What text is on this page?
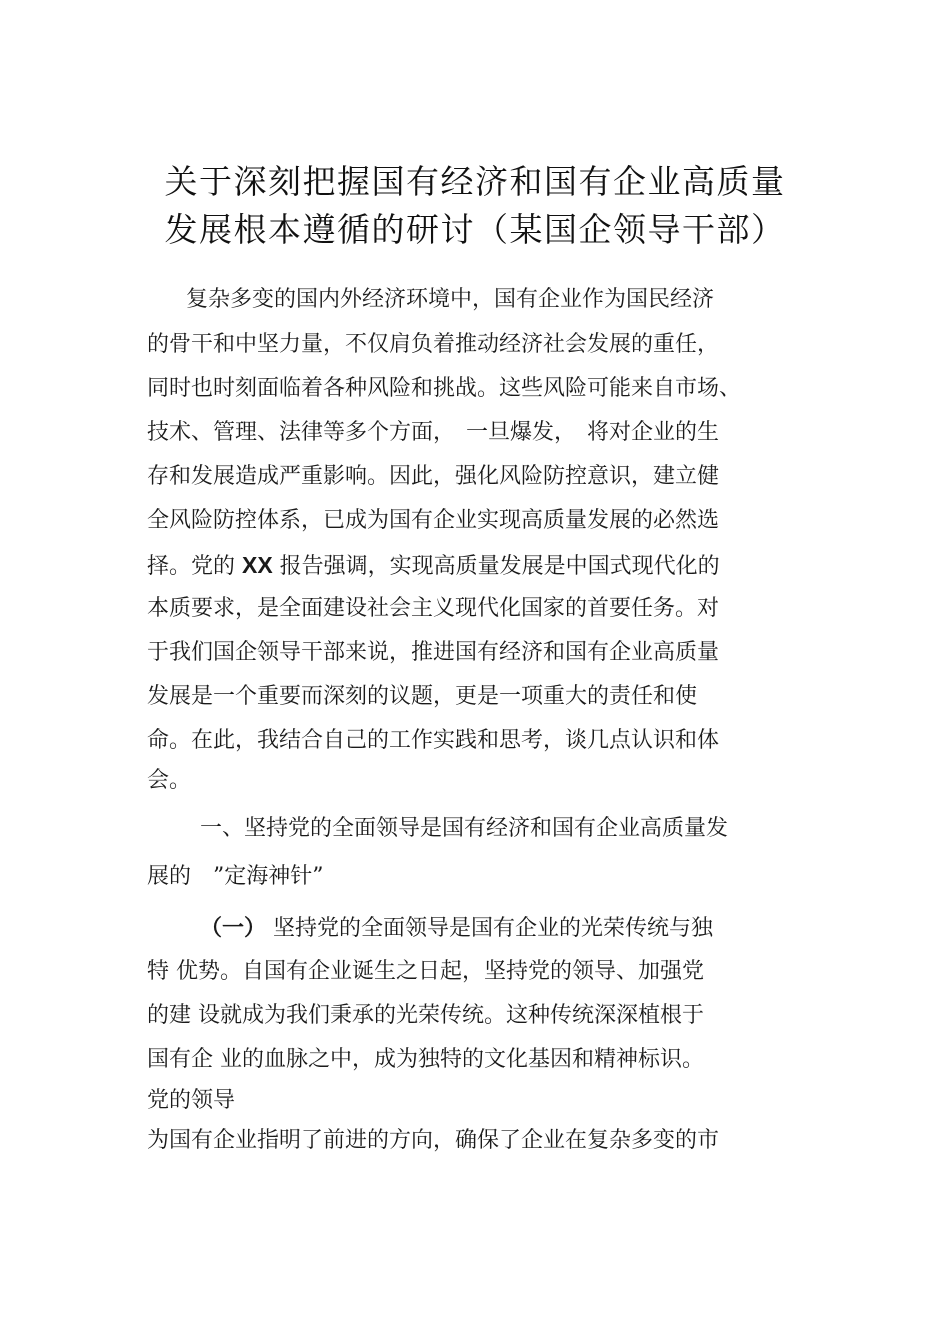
关于深刻把握国有经济和国有企业高质量
发展根本遵循的研讨（某国企领导干部）
复杂多变的国内外经济环境中，国有企业作为国民经济
的骨干和中坚力量，不仅肩负着推动经济社会发展的重任，
同时也时刻面临着各种风险和挑战。这些风险可能来自市场、
技术、管理、法律等多个方面，　一旦爆发，　将对企业的生
存和发展造成严重影响。因此，强化风险防控意识，建立健
全风险防控体系，已成为国有企业实现高质量发展的必然选
择。党的 XX 报告强调，实现高质量发展是中国式现代化的
本质要求，是全面建设社会主义现代化国家的首要任务。对
于我们国企领导干部来说，推进国有经济和国有企业高质量
发展是一个重要而深刻的议题，更是一项重大的责任和使
命。在此，我结合自己的工作实践和思考，谈几点认识和体
会。
一、坚持党的全面领导是国有经济和国有企业高质量发
展的　”定海神针”
（一） 坚持党的全面领导是国有企业的光荣传统与独
特 优势。自国有企业诞生之日起，坚持党的领导、加强党
的建 设就成为我们秉承的光荣传统。这种传统深深植根于
国有企 业的血脉之中，成为独特的文化基因和精神标识。
党的领导
为国有企业指明了前进的方向，确保了企业在复杂多变的市
